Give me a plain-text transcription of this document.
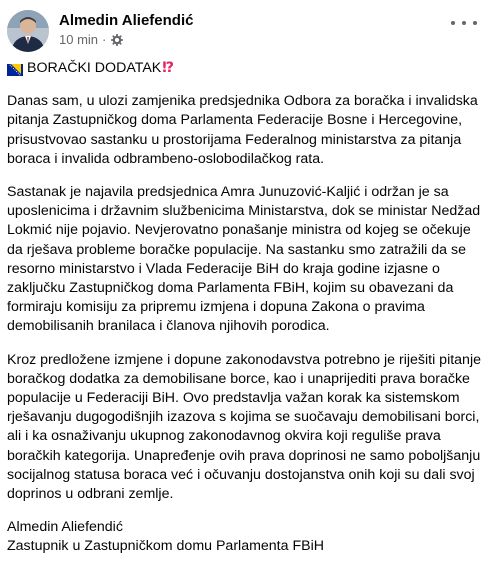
Almedin Aliefendić
10 min ·
BORAČKI DODATAK ⁉

Danas sam, u ulozi zamjenika predsjednika Odbora za boračka i invalidska pitanja Zastupničkog doma Parlamenta Federacije Bosne i Hercegovine, prisustvovao sastanku u prostorijama Federalnog ministarstva za pitanja boraca i invalida odbrambeno-oslobodilačkog rata.

Sastanak je najavila predsjednica Amra Junuzović-Kaljić i održan je sa uposlenicima i državnim službenicima Ministarstva, dok se ministar Nedžad Lokmić nije pojavio. Nevjerovatno ponašanje ministra od kojeg se očekuje da rješava probleme boračke populacije. Na sastanku smo zatražili da se resorno ministarstvo i Vlada Federacije BiH do kraja godine izjasne o zaključku Zastupničkog doma Parlamenta FBiH, kojim su obavezani da formiraju komisiju za pripremu izmjena i dopuna Zakona o pravima demobilisanih branilaca i članova njihovih porodica.

Kroz predložene izmjene i dopune zakonodavstva potrebno je riješiti pitanje boračkog dodatka za demobilisane borce, kao i unaprijediti prava boračke populacije u Federaciji BiH. Ovo predstavlja važan korak ka sistemskom rješavanju dugogodišnjih izazova s kojima se suočavaju demobilisani borci, ali i ka osnaživanju ukupnog zakonodavnog okvira koji reguliše prava boračkih kategorija. Unapređenje ovih prava doprinosi ne samo poboljšanju socijalnog statusa boraca već i očuvanju dostojanstva onih koji su dali svoj doprinos u odbrani zemlje.

Almedin Aliefendić

Zastupnik u Zastupničkom domu Parlamenta FBiH
